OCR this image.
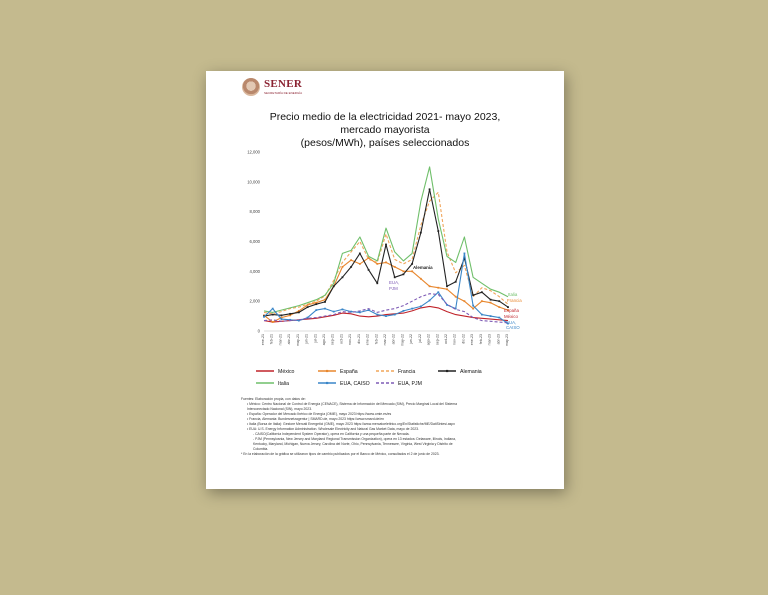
SENER
SECRETARÍA DE ENERGÍA
Precio medio de la electricidad 2021- mayo 2023,
mercado mayorista
(pesos/MWh), países seleccionados
0
2,000
4,000
6,000
8,000
10,000
12,000
ene-21 feb-21 mar-21 abr-21 may-21 jun-21 jul-21 ago-21 sep-21 oct-21 nov-21 dic-21 ene-22 feb-22 mar-22 abr-22 may-22 jun-22 jul-22 ago-22 sep-22 oct-22 nov-22 dic-22 ene-23 feb-23 mar-23 abr-23 may-23
Alemania
EUA,
PJM
Italia
Francia
España
México
EUA,
CAISO
México	España	Francia	Alemania
Italia	EUA, CAISO	EUA, PJM
Fuentes: Elaboración propia, con datos de:
• México: Centro Nacional de Control de Energía (CENACE), Sistema de Información del Mercado (SIM), Precio Marginal Local del Sistema
Interconectado Nacional (SIN), mayo 2023.
• España: Operador del Mercado Ibérico de Energía (OMIE), mayo 2023 https://www.omie.es/es
• Francia, Alemania: Bundesnetzagentur | SMARD.de, mayo 2023 https://www.smard.de/en
• Italia (Borsa de Italia): Gestore Mercati Energetici (GME), mayo 2023 https://www.mercatoelettrico.org/En/Statistiche/ME/DatiSintesi.aspx
• EUA: U.S. Energy Information Administration. Wholesale Electricity and Natural Gas Market Data, mayo de 2023.
- CAISO(California Independent System Operator), opera en California y una pequeña parte de Nevada.
- PJM (Pennsylvania, New Jersey and Maryland Regional Transmission Organization), opera en 13 estados: Delaware, Illinois, Indiana,
Kentucky, Maryland, Michigan, Nueva Jersey, Carolina del Norte, Ohio, Pennsylvania, Tennessee, Virginia, West Virginia y Distrito de
Columbia.
* En la elaboración de la gráfica se utilizaron tipos de cambio publicados por el Banco de México, consultados el 2 de junio de 2023.
